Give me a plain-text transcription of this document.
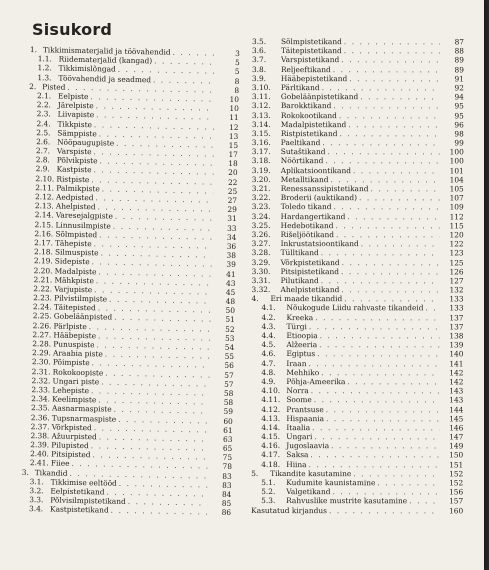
Sisukord
1. Tikkimismaterjalid ja töövahendid . . .	3
1.1. Riidematerjalid (kangad) . . .	5
1.2. Tikkimislõngad . . .	5
1.3. Töövahendid ja seadmed . . .	8
2. Pisted . . .	8
2.1. Eelpiste . . .	10
2.2. Järelpiste . . .	10
2.3. Liivapiste . . .	11
2.4. Tikkpiste . . .	12
2.5. Sämppiste . . .	13
2.6. Nööpaugupiste . . .	15
2.7. Varspiste . . .	17
2.8. Põlvikpiste . . .	18
2.9. Kastpiste . . .	20
2.10. Ristpiste . . .	22
2.11. Palmikpiste . . .	25
2.12. Aedpisted . . .	27
2.13. Ahelpisted . . .	29
2.14. Varesejalgpiste . . .	31
2.15. Linnusilmpiste . . .	33
2.16. Sõlmpisted . . .	34
2.17. Tähepiste . . .	36
2.18. Silmuspiste . . .	38
2.19. Sidepiste . . .	39
2.20. Madalpiste . . .	41
2.21. Mähkpiste . . .	43
2.22. Varjupiste . . .	45
2.23. Pilvistilmpiste . . .	48
2.24. Täitepisted . . .	50
2.25. Gobeläänpisted . . .	51
2.26. Pärlpiste . . .	52
2.27. Hääbepiste . . .	53
2.28. Punuspiste . . .	54
2.29. Araabia piste . . .	55
2.30. Põimpiste . . .	56
2.31. Rokokoopiste . . .	57
2.32. Ungari piste . . .	57
2.33. Lehepiste . . .	58
2.34. Keelimpiste . . .	58
2.35. Aasnarmaspiste . . .	59
2.36. Tupsnarmaspiste . . .	60
2.37. Võrkpisted . . .	61
2.38. Ažuurpisted . . .	63
2.39. Pilupisted . . .	65
2.40. Pitsipisted . . .	75
2.41. Fiiee . . .	78
3. Tikandid . . .	83
3.1. Tikkimise eeltööd . . .	83
3.2. Eelpistetikand . . .	84
3.3. Põlvisilmpistetikand . . .	85
3.4. Kastpistetikand . . .	86
3.5.	Sõlmpistetikand . . .	87
3.6.	Täitepistetikand . . .	88
3.7.	Varspistetikand . . .	89
3.8.	Reljeeftikand . . .	89
3.9.	Hääbepistetikand . . .	91
3.10.	Pärltikand . . .	92
3.11.	Gobeläänpistetikand . . .	94
3.12.	Barokktikand . . .	95
3.13.	Rokokootikand . . .	95
3.14.	Madalpistetikand . . .	96
3.15.	Ristpistetikand . . .	98
3.16.	Paeltikand . . .	99
3.17.	Sutaštikand . . .	100
3.18.	Nöörtikand . . .	100
3.19.	Aplikatsioontikand . . .	101
3.20.	Metalltikand . . .	104
3.21.	Renessanssipistetikand . . .	105
3.22.	Broderii (auktikand) . . .	107
3.23.	Toledo tikand . . .	109
3.24.	Hardangertikand . . .	112
3.25.	Hedebotikand . . .	115
3.26.	Rišeljöötikand . . .	120
3.27.	Inkrustatsioontikand . . .	122
3.28.	Tülltikand . . .	123
3.29.	Võrkpistetikand . . .	125
3.30.	Pitsipistetikand . . .	126
3.31.	Pilutikand . . .	127
3.32.	Ahelpistetikand . . .	132
4.	Eri maade tikandid . . .	133
4.1.	Nõukogude Liidu rahvaste tikandeid . . .	133
4.2.	Kreeka . . .	137
4.3.	Türgi . . .	137
4.4.	Etioopia . . .	138
4.5.	Alžeeria . . .	139
4.6.	Egiptus . . .	140
4.7.	Iraan . . .	141
4.8.	Mehhiko . . .	142
4.9.	Põhja-Ameerika . . .	142
4.10. Norra . . .	143
4.11. Soome . . .	143
4.12. Prantsuse . . .	144
4.13. Hispaania . . .	145
4.14. Itaalia . . .	146
4.15. Ungari . . .	147
4.16. Jugoslaavia . . .	149
4.17. Saksa . . .	150
4.18. Hiina . . .	151
5.	Tikandite kasutamine . . .	152
5.1.	Kudumite kaunistamine . . .	152
5.2.	Valgetikand . . .	156
5.3.	Rahvuslike mustrite kasutamine . . .	157
Kasutatud kirjandus . . .	160
